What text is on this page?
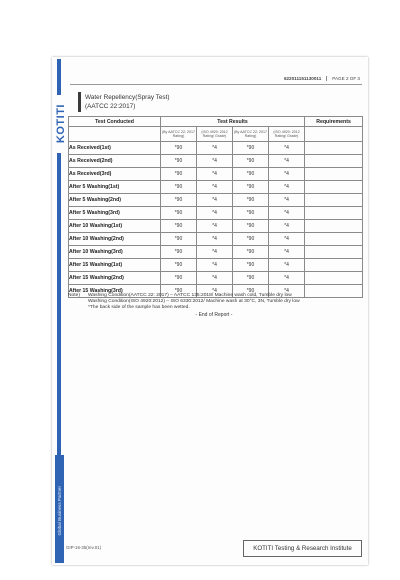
KOTITI
Global Business Partner
622011151130011	PAGE 2 OF 3
Water Repellency(Spray Test)
(AATCC 22:2017)
Test Conducted	Test Results				Requirements
	(By AATCC 22: 2017 Rating)	(ISO 4920: 2012 Rating/ Grade)	(By AATCC 22: 2017 Rating)	(ISO 4920: 2012 Rating/ Grade)	
As Received(1st)	*90	*4	*90	*4	
As Received(2nd)	*90	*4	*90	*4	
As Received(3rd)	*90	*4	*90	*4	
After 5 Washing(1st)	*90	*4	*90	*4	
After 5 Washing(2nd)	*90	*4	*90	*4	
After 5 Washing(3rd)	*90	*4	*90	*4	
After 10 Washing(1st)	*90	*4	*90	*4	
After 10 Washing(2nd)	*90	*4	*90	*4	
After 10 Washing(3rd)	*90	*4	*90	*4	
After 15 Washing(1st)	*90	*4	*90	*4	
After 15 Washing(2nd)	*90	*4	*90	*4	
After 15 Washing(3rd)	*90	*4	*90	*4	
Note)	Washing Condition(AATCC 22: 2017) – AATCC 135:2018/ Machine wash cold, Tumble dry low
Washing Condition(ISO 4920:2012) – ISO 6330:2012/ Machine wash at 30°C, 3N, Tumble dry low
*The back side of the sample has been wetted.
- End of Report -
GIP-16-35(rev.01)	KOTITI Testing & Research Institute
